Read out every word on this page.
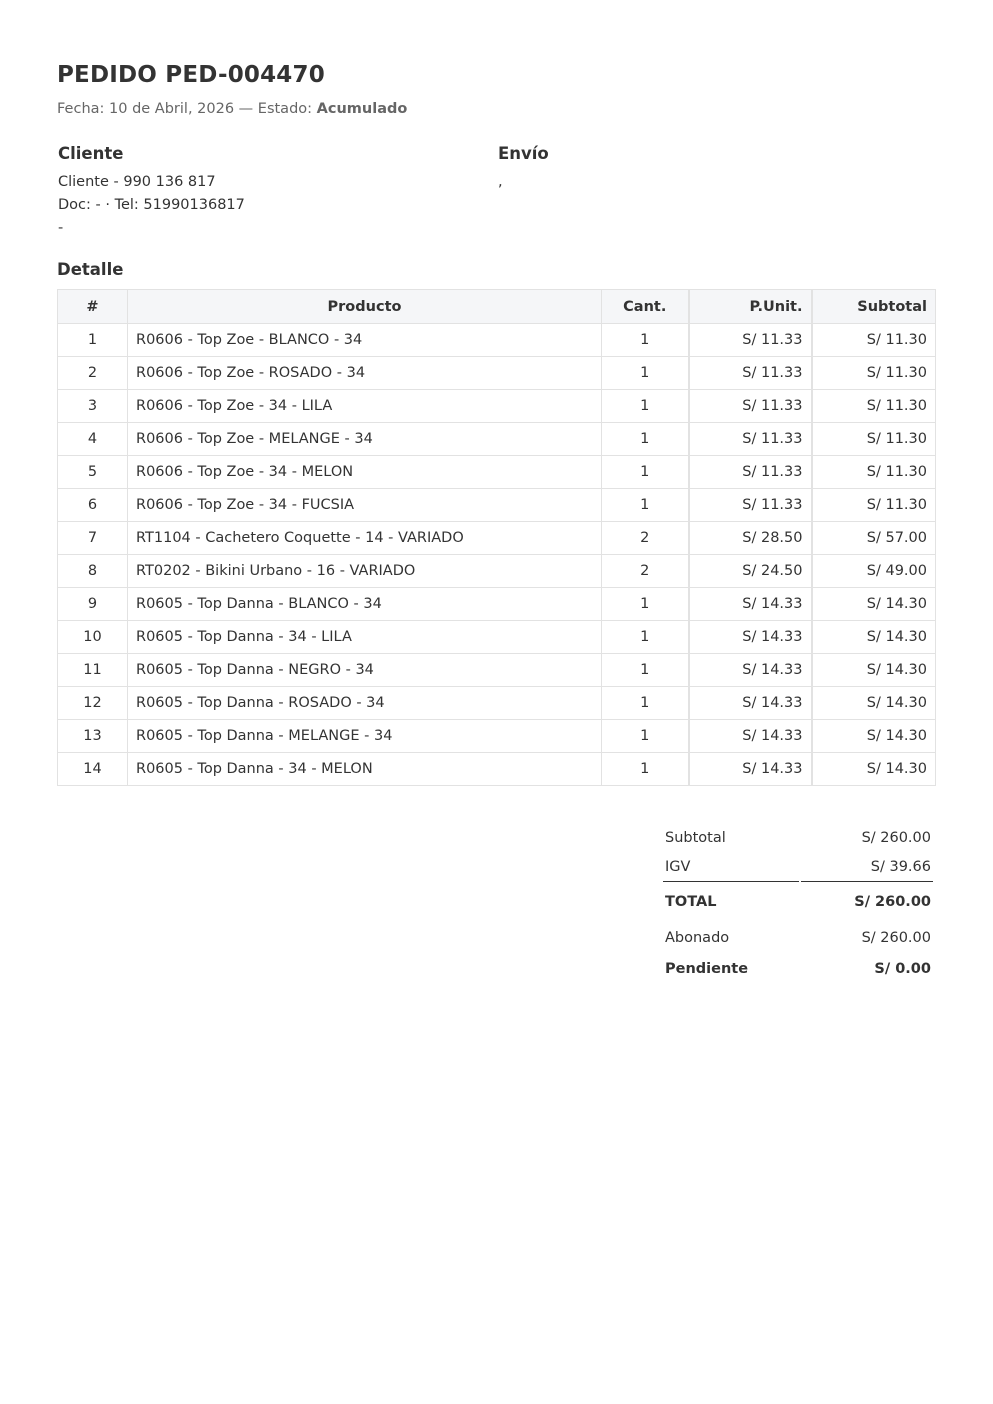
PEDIDO PED-004470
Fecha: 10 de Abril, 2026 — Estado: Acumulado
Cliente
Cliente - 990 136 817
Doc: - · Tel: 51990136817
-
Envío
,
Detalle
#	Producto	Cant.	P.Unit.	Subtotal
1	R0606 - Top Zoe - BLANCO - 34	1	S/ 11.33	S/ 11.30
2	R0606 - Top Zoe - ROSADO - 34	1	S/ 11.33	S/ 11.30
3	R0606 - Top Zoe - 34 - LILA	1	S/ 11.33	S/ 11.30
4	R0606 - Top Zoe - MELANGE - 34	1	S/ 11.33	S/ 11.30
5	R0606 - Top Zoe - 34 - MELON	1	S/ 11.33	S/ 11.30
6	R0606 - Top Zoe - 34 - FUCSIA	1	S/ 11.33	S/ 11.30
7	RT1104 - Cachetero Coquette - 14 - VARIADO	2	S/ 28.50	S/ 57.00
8	RT0202 - Bikini Urbano - 16 - VARIADO	2	S/ 24.50	S/ 49.00
9	R0605 - Top Danna - BLANCO - 34	1	S/ 14.33	S/ 14.30
10	R0605 - Top Danna - 34 - LILA	1	S/ 14.33	S/ 14.30
11	R0605 - Top Danna - NEGRO - 34	1	S/ 14.33	S/ 14.30
12	R0605 - Top Danna - ROSADO - 34	1	S/ 14.33	S/ 14.30
13	R0605 - Top Danna - MELANGE - 34	1	S/ 14.33	S/ 14.30
14	R0605 - Top Danna - 34 - MELON	1	S/ 14.33	S/ 14.30
Subtotal	S/ 260.00
IGV	S/ 39.66
TOTAL	S/ 260.00
Abonado	S/ 260.00
Pendiente	S/ 0.00
